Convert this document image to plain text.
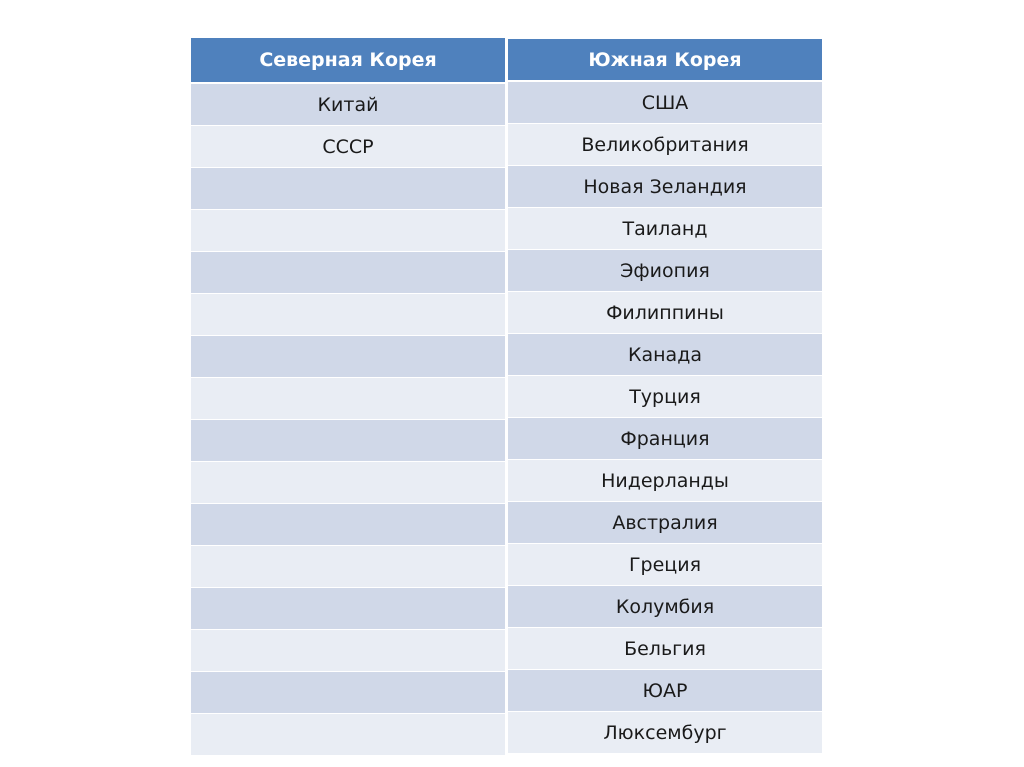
Северная Корея
Китай
СССР
Южная Корея
США
Великобритания
Новая Зеландия
Таиланд
Эфиопия
Филиппины
Канада
Турция
Франция
Нидерланды
Австралия
Греция
Колумбия
Бельгия
ЮАР
Люксембург
